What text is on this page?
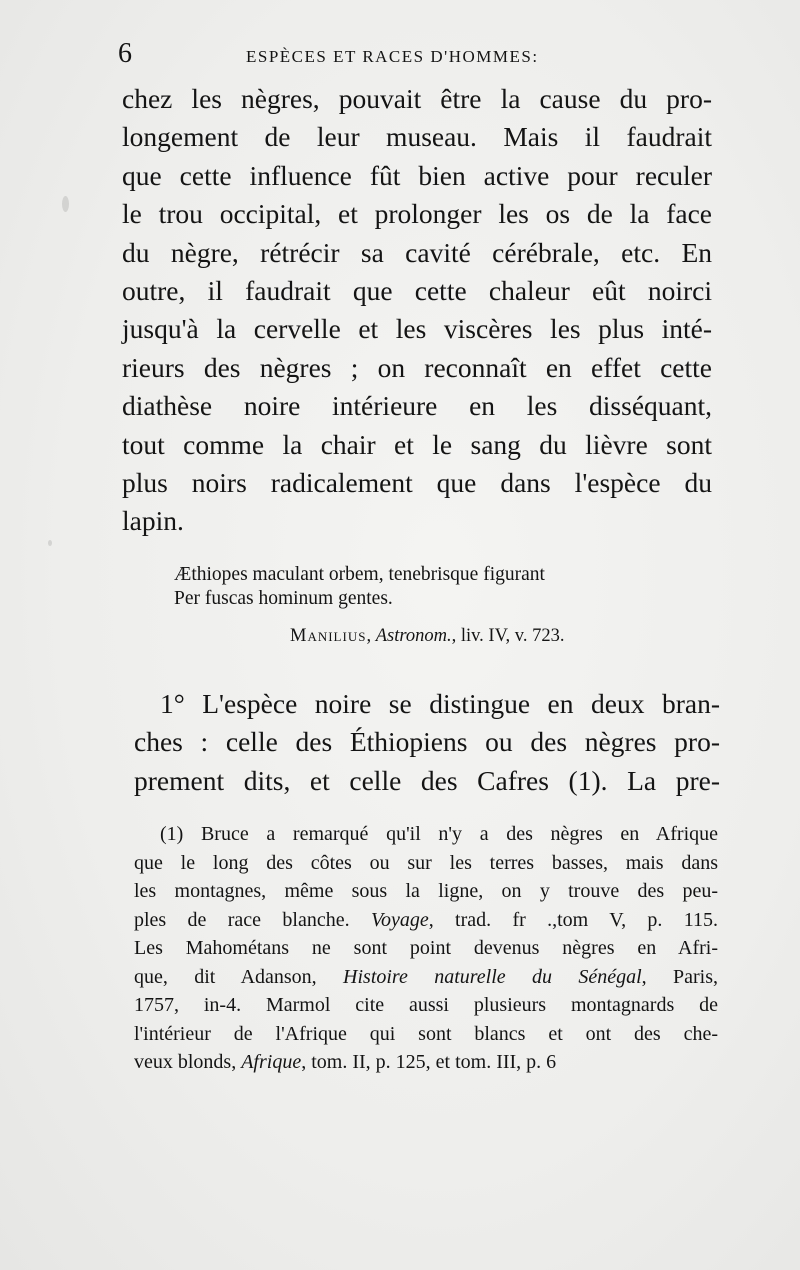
6	ESPÈCES ET RACES D'HOMMES:
chez les nègres, pouvait être la cause du pro-
longement de leur museau. Mais il faudrait
que cette influence fût bien active pour reculer
le trou occipital, et prolonger les os de la face
du nègre, rétrécir sa cavité cérébrale, etc. En
outre, il faudrait que cette chaleur eût noirci
jusqu'à la cervelle et les viscères les plus inté-
rieurs des nègres ; on reconnaît en effet cette
diathèse noire intérieure en les disséquant,
tout comme la chair et le sang du lièvre sont
plus noirs radicalement que dans l'espèce du
lapin.
Æthiopes maculant orbem, tenebrisque figurant
Per fuscas hominum gentes.
Manilius, Astronom., liv. IV, v. 723.
1° L'espèce noire se distingue en deux bran-
ches : celle des Éthiopiens ou des nègres pro-
prement dits, et celle des Cafres (1). La pre-
(1) Bruce a remarqué qu'il n'y a des nègres en Afrique
que le long des côtes ou sur les terres basses, mais dans
les montagnes, même sous la ligne, on y trouve des peu-
ples de race blanche. Voyage, trad. fr .,tom V, p. 115.
Les Mahométans ne sont point devenus nègres en Afri-
que, dit Adanson, Histoire naturelle du Sénégal, Paris,
1757, in-4. Marmol cite aussi plusieurs montagnards de
l'intérieur de l'Afrique qui sont blancs et ont des che-
veux blonds, Afrique, tom. II, p. 125, et tom. III, p. 6
